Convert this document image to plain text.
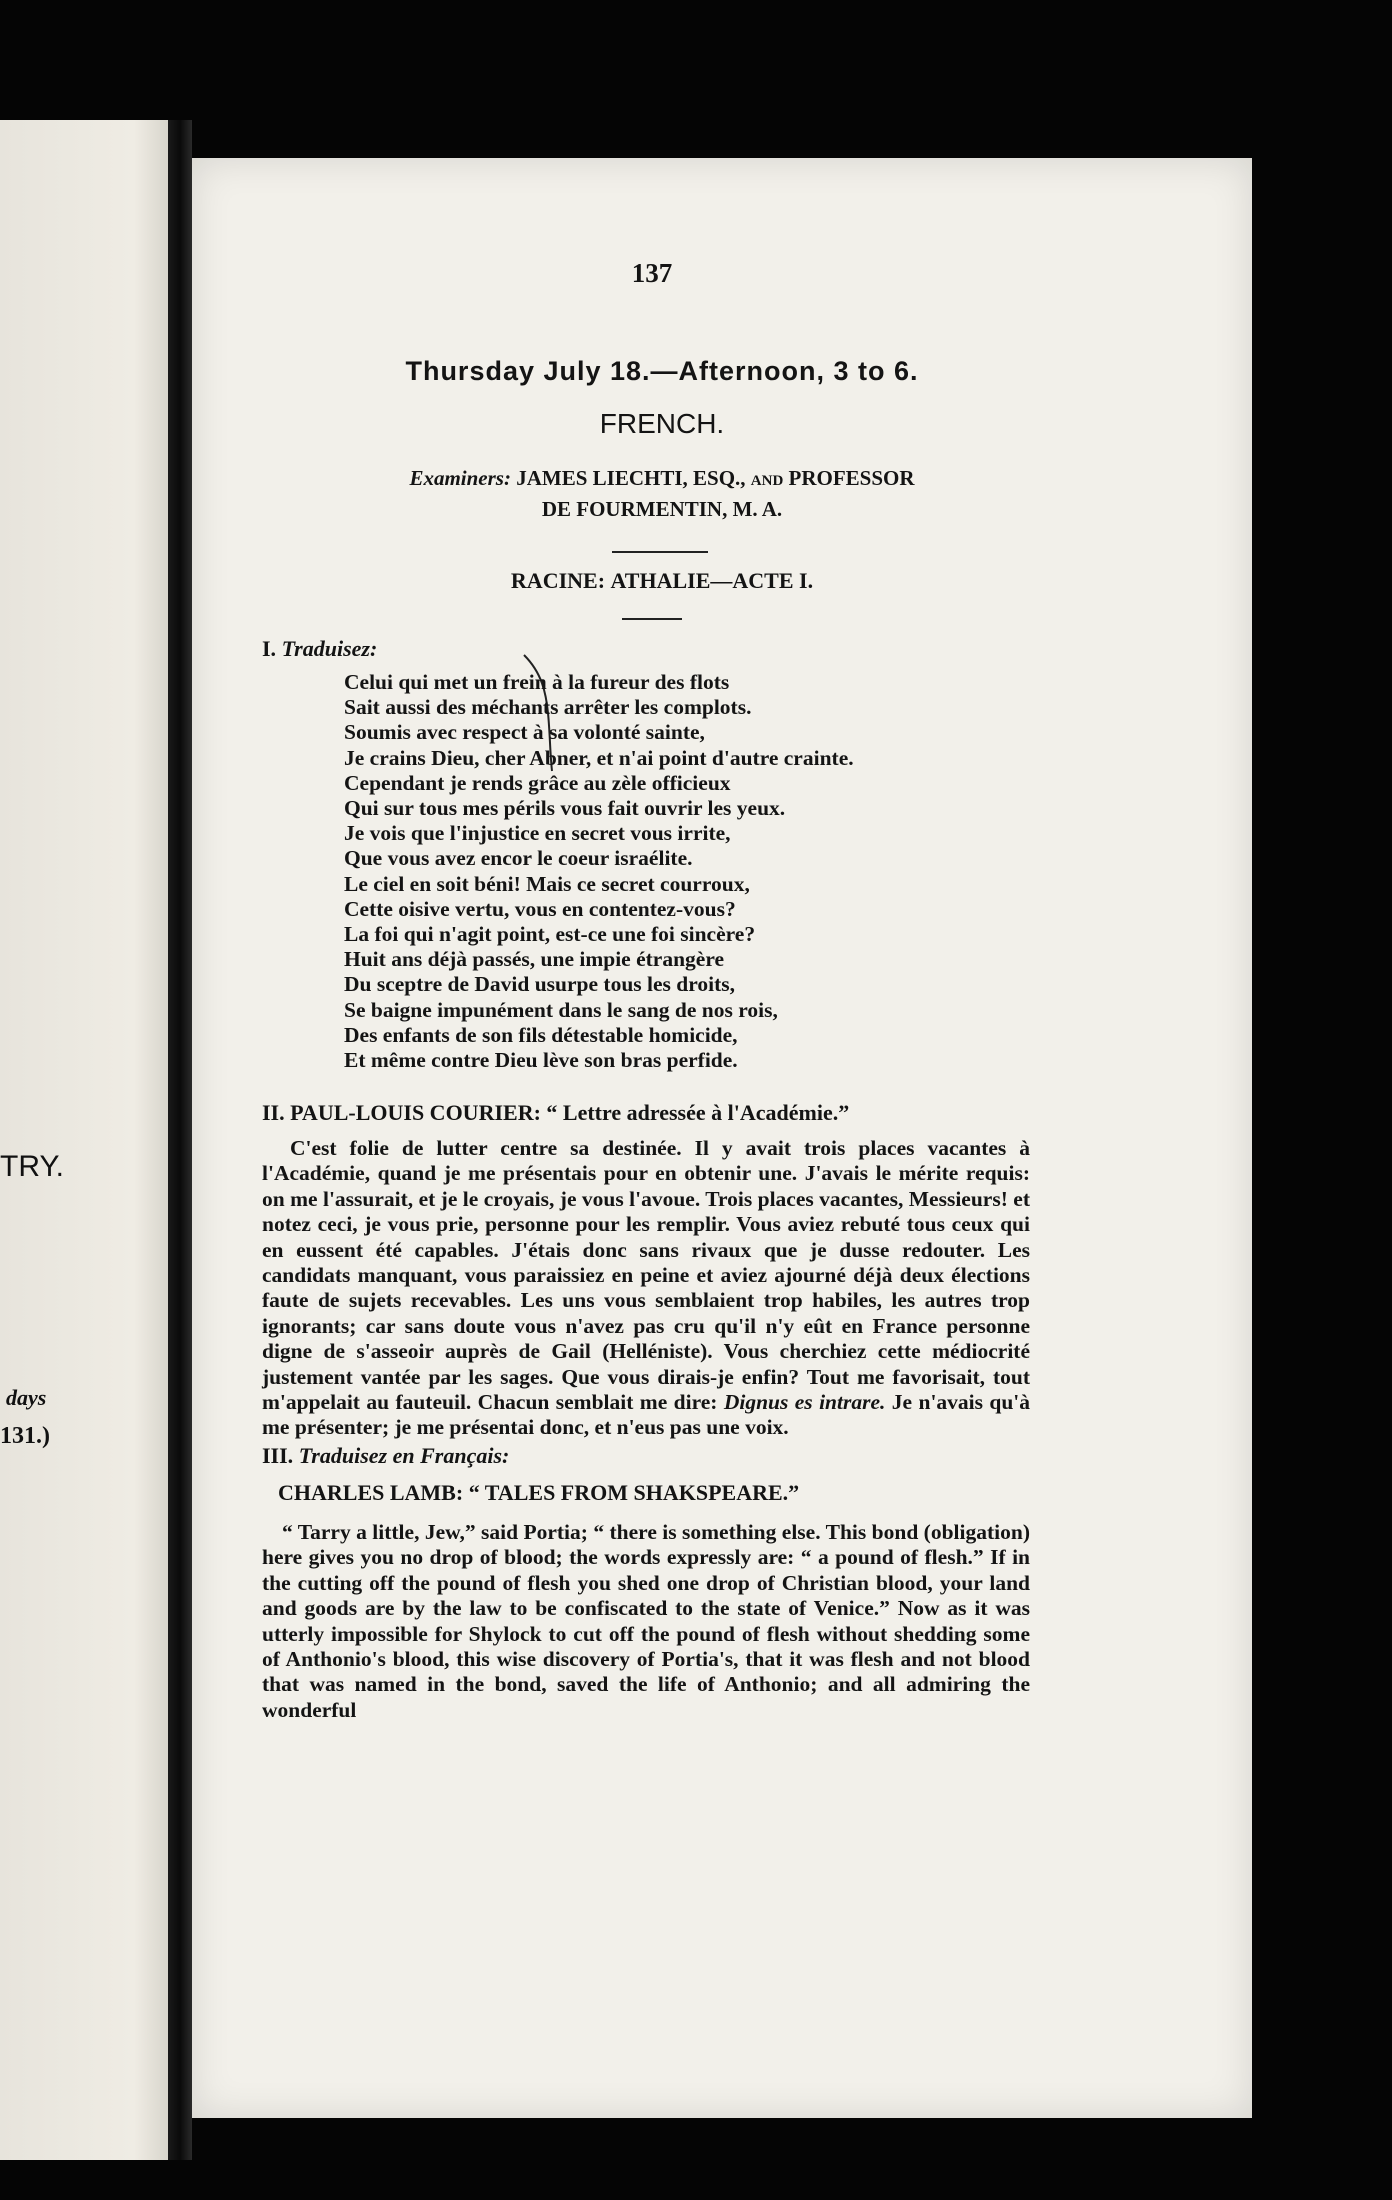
TRY.
days
131.)
137
Thursday July 18.—Afternoon, 3 to 6.
FRENCH.
Examiners: JAMES LIECHTI, ESQ., and PROFESSOR
DE FOURMENTIN, M. A.
RACINE: ATHALIE—ACTE I.
I. Traduisez:
Celui qui met un frein à la fureur des flots
Sait aussi des méchants arrêter les complots.
Soumis avec respect à sa volonté sainte,
Je crains Dieu, cher Abner, et n'ai point d'autre crainte.
Cependant je rends grâce au zèle officieux
Qui sur tous mes périls vous fait ouvrir les yeux.
Je vois que l'injustice en secret vous irrite,
Que vous avez encor le coeur israélite.
Le ciel en soit béni! Mais ce secret courroux,
Cette oisive vertu, vous en contentez-vous?
La foi qui n'agit point, est-ce une foi sincère?
Huit ans déjà passés, une impie étrangère
Du sceptre de David usurpe tous les droits,
Se baigne impunément dans le sang de nos rois,
Des enfants de son fils détestable homicide,
Et même contre Dieu lève son bras perfide.
II. PAUL-LOUIS COURIER: “ Lettre adressée à l'Académie.”
C'est folie de lutter centre sa destinée. Il y avait trois places vacantes à l'Académie, quand je me présentais pour en obtenir une. J'avais le mérite requis: on me l'assurait, et je le croyais, je vous l'avoue. Trois places vacantes, Messieurs! et notez ceci, je vous prie, personne pour les remplir. Vous aviez rebuté tous ceux qui en eussent été capables. J'étais donc sans rivaux que je dusse redouter. Les candidats manquant, vous paraissiez en peine et aviez ajourné déjà deux élections faute de sujets recevables. Les uns vous semblaient trop habiles, les autres trop ignorants; car sans doute vous n'avez pas cru qu'il n'y eût en France personne digne de s'asseoir auprès de Gail (Helléniste). Vous cherchiez cette médiocrité justement vantée par les sages. Que vous dirais-je enfin? Tout me favorisait, tout m'appelait au fauteuil. Chacun semblait me dire: Dignus es intrare. Je n'avais qu'à me présenter; je me présentai donc, et n'eus pas une voix.
III. Traduisez en Français:
CHARLES LAMB: “ TALES FROM SHAKSPEARE.”
“ Tarry a little, Jew,” said Portia; “ there is something else. This bond (obligation) here gives you no drop of blood; the words expressly are: “ a pound of flesh.” If in the cutting off the pound of flesh you shed one drop of Christian blood, your land and goods are by the law to be confiscated to the state of Venice.” Now as it was utterly impossible for Shylock to cut off the pound of flesh without shedding some of Anthonio's blood, this wise discovery of Portia's, that it was flesh and not blood that was named in the bond, saved the life of Anthonio; and all admiring the wonderful
